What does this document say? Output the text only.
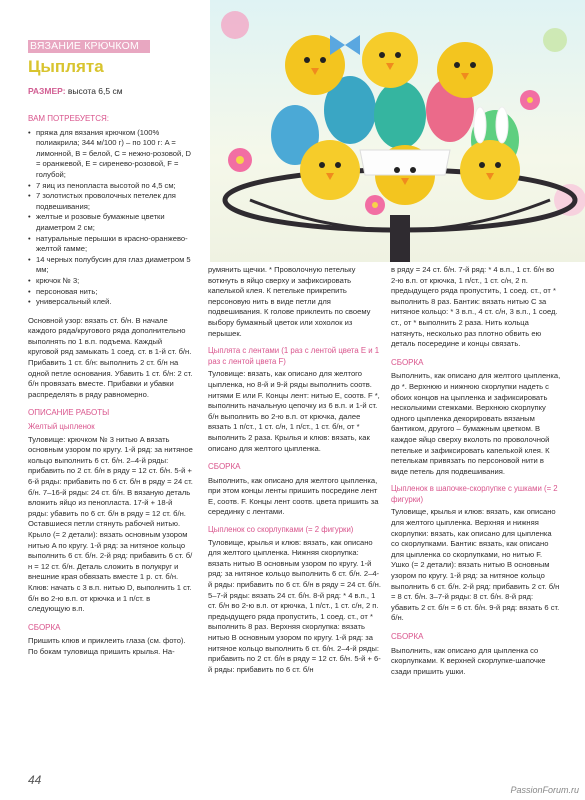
ВЯЗАНИЕ КРЮЧКОМ
Цыплята
РАЗМЕР: высота 6,5 см
ВАМ ПОТРЕБУЕТСЯ:
• пряжа для вязания крючком (100% полиакрила; 344 м/100 г) – по 100 г: A = лимонной, B = белой, C = нежно-розовой, D = оранжевой, E = сиренево-розовой, F = голубой;
• 7 яиц из пенопласта высотой по 4,5 см;
• 7 золотистых проволочных петелек для подвешивания;
• желтые и розовые бумажные цветки диаметром 2 см;
• натуральные перышки в красно-оранжево-желтой гамме;
• 14 черных полубусин для глаз диаметром 5 мм;
• крючок № 3;
• персоновая нить;
• универсальный клей.

Основной узор: вязать ст. б/н. В начале каждого ряда/кругового ряда дополнительно выполнять по 1 в.п. подъема. Каждый круговой ряд замыкать 1 соед. ст. в 1-й ст. б/н. Прибавить 1 ст. б/н: выполнить 2 ст. б/н на одной петле основания. Убавить 1 ст. б/н: 2 ст. б/н провязать вместе. Прибавки и убавки распределять в ряду равномерно.

ОПИСАНИЕ РАБОТЫ
Желтый цыпленок

Туловище: крючком № 3 нитью A вязать основным узором по кругу. 1-й ряд: за нитяное кольцо выполнить 6 ст. б/н. 2–4-й ряды: прибавить по 2 ст. б/н в ряду = 12 ст. б/н. 5-й + 6-й ряды: прибавить по 6 ст. б/н в ряду = 24 ст. б/н. 7–16-й ряды: 24 ст. б/н. В вязаную деталь вложить яйцо из пенопласта. 17-й + 18-й ряды: убавить по 6 ст. б/н в ряду = 12 ст. б/н. Оставшиеся петли стянуть рабочей нитью. Крыло (= 2 детали): вязать основным узором нитью A по кругу. 1-й ряд: за нитяное кольцо выполнить 6 ст. б/н. 2-й ряд: прибавить 6 ст. б/н = 12 ст. б/н. Деталь сложить в полукруг и внешние края обвязать вместе 1 р. ст. б/н. Клюв: начать с 3 в.п. нитью D, выполнить 1 ст. б/н во 2-ю в.п. от крючка и 1 п/ст. в следующую в.п.

СБОРКА

Пришить клюв и приклеить глаза (см. фото). По бокам туловища пришить крылья. На-

румянить щечки. * Проволочную петельку воткнуть в яйцо сверху и зафиксировать капелькой клея. К петельке прикрепить персоновую нить в виде петли для подвешивания. К голове приклеить по своему выбору бумажный цветок или хохолок из перышек.

Цыплята с лентами (1 раз с лентой цвета E и 1 раз с лентой цвета F)

Туловище: вязать, как описано для желтого цыпленка, но 8-й и 9-й ряды выполнить соотв. нитями E или F. Концы лент: нитью E, соотв. F *, выполнить начальную цепочку из 6 в.п. и 1-й ст. б/н выполнить во 2-ю в.п. от крючка, далее вязать 1 п/ст., 1 ст. с/н, 1 п/ст., 1 ст. б/н, от * выполнить 2 раза. Крылья и клюв: вязать, как описано для желтого цыпленка.

СБОРКА

Выполнить, как описано для желтого цыпленка, при этом концы ленты пришить посредине лент E, соотв. F. Концы лент соотв. цвета пришить за серединку с лентами.

Цыпленок со скорлупками (= 2 фигурки)

Туловище, крылья и клюв: вязать, как описано для желтого цыпленка. Нижняя скорлупка: вязать нитью B основным узором по кругу. 1-й ряд: за нитяное кольцо выполнить 6 ст. б/н. 2–4-й ряды: прибавить по 6 ст. б/н в ряду = 24 ст. б/н. 5–7-й ряды: вязать 24 ст. б/н. 8-й ряд: * 4 в.п., 1 ст. б/н во 2-ю в.п. от крючка, 1 п/ст., 1 ст. с/н, 2 п. предыдущего ряда пропустить, 1 соед. ст., от * выполнить 8 раз. Верхняя скорлупка: вязать нитью B основным узором по кругу. 1-й ряд: за нитяное кольцо выполнить 6 ст. б/н. 2–4-й ряды: прибавить по 2 ст. б/н в ряду = 12 ст. б/н. 5-й + 6-й ряды: прибавить по 6 ст. б/н

в ряду = 24 ст. б/н. 7-й ряд: * 4 в.п., 1 ст. б/н во 2-ю в.п. от крючка, 1 п/ст., 1 ст. с/н, 2 п. предыдущего ряда пропустить, 1 соед. ст., от * выполнить 8 раз. Бантик: вязать нитью C за нитяное кольцо: * 3 в.п., 4 ст. с/н, 3 в.п., 1 соед. ст., от * выполнить 2 раза. Нить кольца натянуть, несколько раз плотно обвить ею деталь посередине и концы связать.

СБОРКА

Выполнить, как описано для желтого цыпленка, до *. Верхнюю и нижнюю скорлупки надеть с обоих концов на цыпленка и зафиксировать несколькими стежками. Верхнюю скорлупку одного цыпленка декорировать вязаным бантиком, другого – бумажным цветком. В каждое яйцо сверху вколоть по проволочной петельке и зафиксировать капелькой клея. К петелькам привязать по персоновой нити в виде петель для подвешивания.

Цыпленок в шапочке-скорлупке с ушками (= 2 фигурки)

Туловище, крылья и клюв: вязать, как описано для желтого цыпленка. Верхняя и нижняя скорлупки: вязать, как описано для цыпленка со скорлупками. Бантик: вязать, как описано для цыпленка со скорлупками, но нитью F. Ушко (= 2 детали): вязать нитью B основным узором по кругу. 1-й ряд: за нитяное кольцо выполнить 6 ст. б/н. 2-й ряд: прибавить 2 ст. б/н = 8 ст. б/н. 3–7-й ряды: 8 ст. б/н. 8-й ряд: убавить 2 ст. б/н = 6 ст. б/н. 9-й ряд: вязать 6 ст. б/н.

СБОРКА

Выполнить, как описано для цыпленка со скорлупками. К верхней скорлупке-шапочке сзади пришить ушки.

44
PassionForum.ru
